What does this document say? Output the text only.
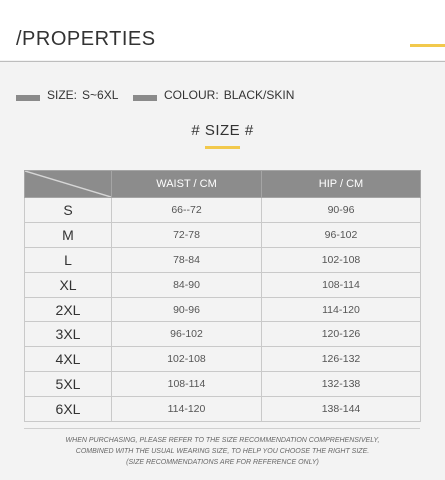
/PROPERTIES
SIZE: S~6XL	COLOUR: BLACK/SKIN
# SIZE #
	WAIST / CM	HIP / CM
S	66--72	90-96
M	72-78	96-102
L	78-84	102-108
XL	84-90	108-114
2XL	90-96	114-120
3XL	96-102	120-126
4XL	102-108	126-132
5XL	108-114	132-138
6XL	114-120	138-144
WHEN PURCHASING, PLEASE REFER TO THE SIZE RECOMMENDATION COMPREHENSIVELY,
COMBINED WITH THE USUAL WEARING SIZE, TO HELP YOU CHOOSE THE RIGHT SIZE.
(SIZE RECOMMENDATIONS ARE FOR REFERENCE ONLY)
